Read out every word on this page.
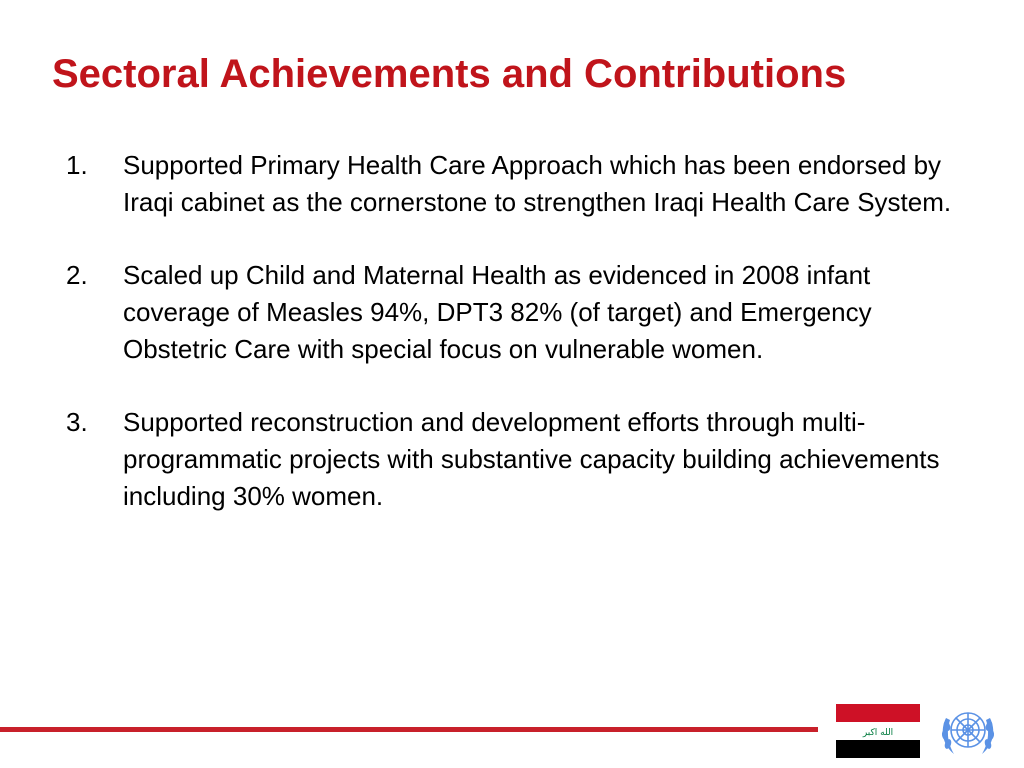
Sectoral Achievements and Contributions
1. Supported Primary Health Care Approach which has been endorsed by Iraqi cabinet as the cornerstone to strengthen Iraqi Health Care System.
2. Scaled up Child and Maternal Health as evidenced in 2008 infant coverage of Measles 94%, DPT3 82% (of target) and Emergency Obstetric Care with special focus on vulnerable women.
3. Supported reconstruction and development efforts through multi-programmatic projects with substantive capacity building achievements including 30% women.
الله اكبر
